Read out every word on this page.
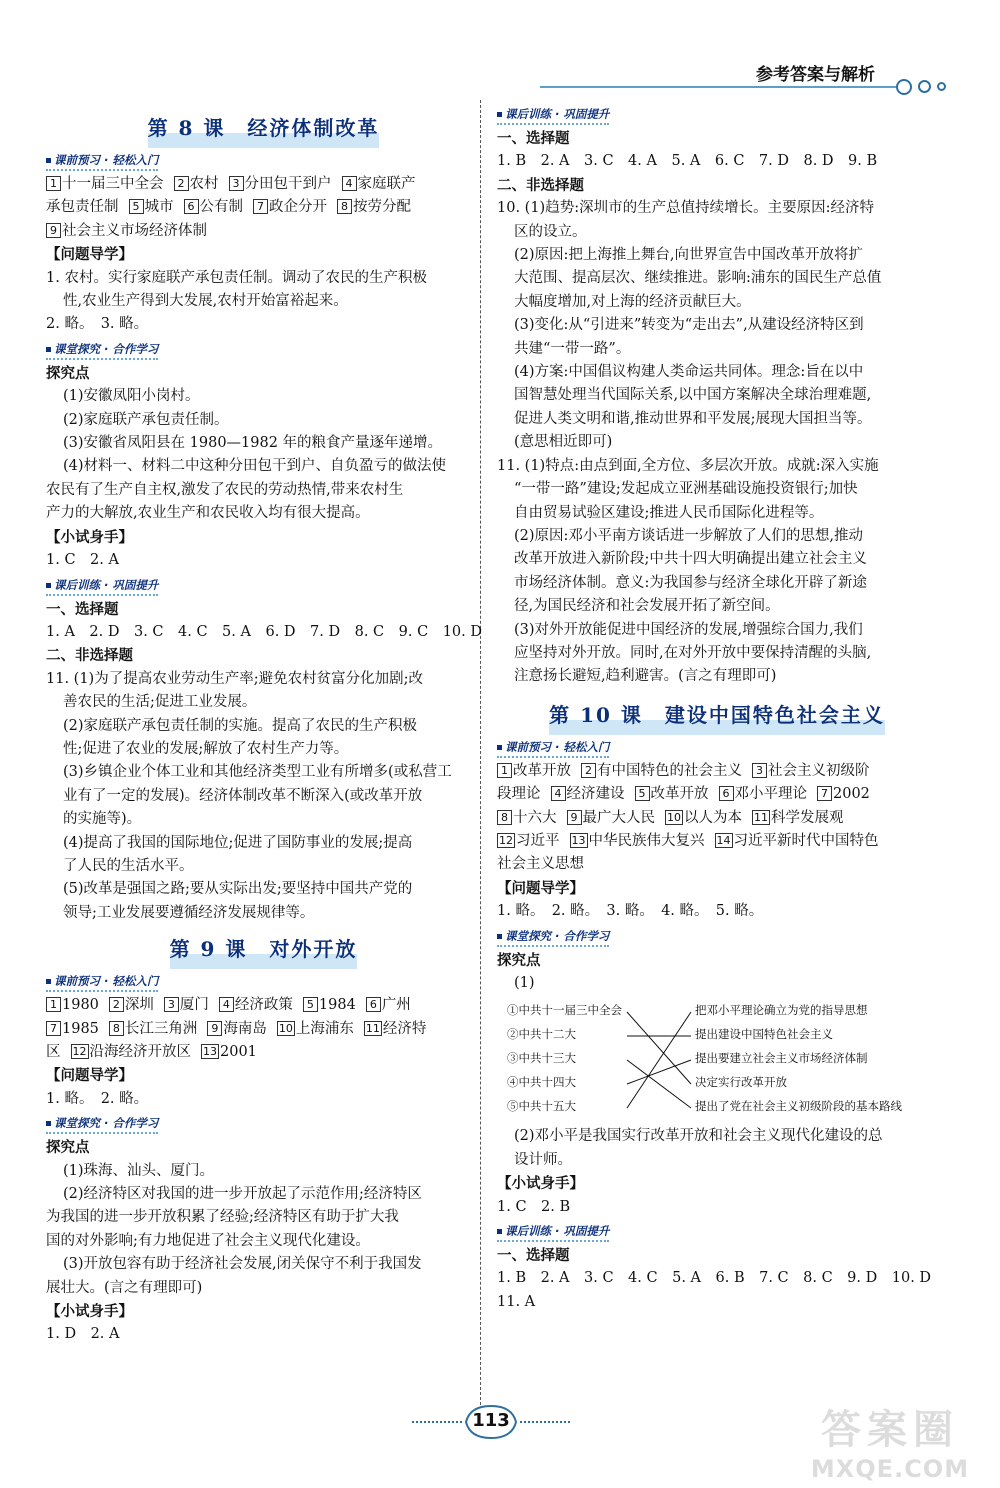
参考答案与解析
第 8 课　经济体制改革
课前预习 · 轻松入门
1 十一届三中全会 2 农村 3 分田包干到户 4 家庭联产
承包责任制 5 城市 6 公有制 7 政企分开 8 按劳分配
9 社会主义市场经济体制
【问题导学】
1. 农村。实行家庭联产承包责任制。调动了农民的生产积极
性,农业生产得到大发展,农村开始富裕起来。
2. 略。　3. 略。
课堂探究 · 合作学习
探究点
(1)安徽凤阳小岗村。
(2)家庭联产承包责任制。
(3)安徽省凤阳县在 1980—1982 年的粮食产量逐年递增。
(4)材料一、材料二中这种分田包干到户、自负盈亏的做法使
农民有了生产自主权,激发了农民的劳动热情,带来农村生
产力的大解放,农业生产和农民收入均有很大提高。
【小试身手】
1. C　2. A
课后训练 · 巩固提升
一、选择题
1. A　2. D　3. C　4. C　5. A　6. D　7. D　8. C　9. C　10. D
二、非选择题
11. (1)为了提高农业劳动生产率;避免农村贫富分化加剧;改
善农民的生活;促进工业发展。
(2)家庭联产承包责任制的实施。提高了农民的生产积极
性;促进了农业的发展;解放了农村生产力等。
(3)乡镇企业个体工业和其他经济类型工业有所增多(或私营工
业有了一定的发展)。经济体制改革不断深入(或改革开放
的实施等)。
(4)提高了我国的国际地位;促进了国防事业的发展;提高
了人民的生活水平。
(5)改革是强国之路;要从实际出发;要坚持中国共产党的
领导;工业发展要遵循经济发展规律等。
第 9 课　对外开放
课前预习 · 轻松入门
1 1980 2 深圳 3 厦门 4 经济政策 5 1984 6 广州
7 1985 8 长江三角洲 9 海南岛 10 上海浦东 11 经济特
区 12 沿海经济开放区 13 2001
【问题导学】
1. 略。　2. 略。
课堂探究 · 合作学习
探究点
(1)珠海、汕头、厦门。
(2)经济特区对我国的进一步开放起了示范作用;经济特区
为我国的进一步开放积累了经验;经济特区有助于扩大我
国的对外影响;有力地促进了社会主义现代化建设。
(3)开放包容有助于经济社会发展,闭关保守不利于我国发
展壮大。(言之有理即可)
【小试身手】
1. D　2. A
课后训练 · 巩固提升
一、选择题
1. B　2. A　3. C　4. A　5. A　6. C　7. D　8. D　9. B
二、非选择题
10. (1)趋势:深圳市的生产总值持续增长。主要原因:经济特
区的设立。
(2)原因:把上海推上舞台,向世界宣告中国改革开放将扩
大范围、提高层次、继续推进。影响:浦东的国民生产总值
大幅度增加,对上海的经济贡献巨大。
(3)变化:从“引进来”转变为“走出去”,从建设经济特区到
共建“一带一路”。
(4)方案:中国倡议构建人类命运共同体。理念:旨在以中
国智慧处理当代国际关系,以中国方案解决全球治理难题,
促进人类文明和谐,推动世界和平发展;展现大国担当等。
(意思相近即可)
11. (1)特点:由点到面,全方位、多层次开放。成就:深入实施
“一带一路”建设;发起成立亚洲基础设施投资银行;加快
自由贸易试验区建设;推进人民币国际化进程等。
(2)原因:邓小平南方谈话进一步解放了人们的思想,推动
改革开放进入新阶段;中共十四大明确提出建立社会主义
市场经济体制。意义:为我国参与经济全球化开辟了新途
径,为国民经济和社会发展开拓了新空间。
(3)对外开放能促进中国经济的发展,增强综合国力,我们
应坚持对外开放。同时,在对外开放中要保持清醒的头脑,
注意扬长避短,趋利避害。(言之有理即可)
第 10 课　建设中国特色社会主义
课前预习 · 轻松入门
1 改革开放 2 有中国特色的社会主义 3 社会主义初级阶
段理论 4 经济建设 5 改革开放 6 邓小平理论 7 2002
8 十六大 9 最广大人民 10 以人为本 11 科学发展观
12 习近平 13 中华民族伟大复兴 14 习近平新时代中国特色
社会主义思想
【问题导学】
1. 略。　2. 略。　3. 略。　4. 略。　5. 略。
课堂探究 · 合作学习
探究点
(1)
①中共十一届三中全会
②中共十二大
③中共十三大
④中共十四大
⑤中共十五大
把邓小平理论确立为党的指导思想
提出建设中国特色社会主义
提出要建立社会主义市场经济体制
决定实行改革开放
提出了党在社会主义初级阶段的基本路线
(2)邓小平是我国实行改革开放和社会主义现代化建设的总
设计师。
【小试身手】
1. C　2. B
课后训练 · 巩固提升
一、选择题
1. B　2. A　3. C　4. C　5. A　6. B　7. C　8. C　9. D　10. D
11. A
113	答案圈
MXQE.COM
